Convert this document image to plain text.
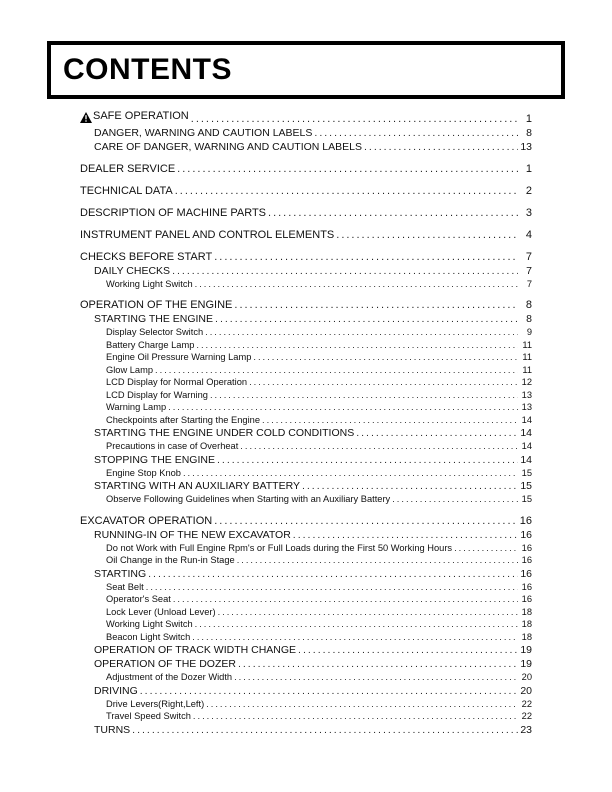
CONTENTS
SAFE OPERATION .....	1
DANGER, WARNING AND CAUTION LABELS .....	8
CARE OF DANGER, WARNING AND CAUTION LABELS .....	13
DEALER SERVICE .....	1
TECHNICAL DATA .....	2
DESCRIPTION OF MACHINE PARTS .....	3
INSTRUMENT PANEL AND CONTROL ELEMENTS .....	4
CHECKS BEFORE START .....	7
DAILY CHECKS .....	7
Working Light Switch .....	7
OPERATION OF THE ENGINE .....	8
STARTING THE ENGINE .....	8
Display Selector Switch .....	9
Battery Charge Lamp .....	11
Engine Oil Pressure Warning Lamp .....	11
Glow Lamp .....	11
LCD Display for Normal Operation .....	12
LCD Display for Warning .....	13
Warning Lamp .....	13
Checkpoints after Starting the Engine .....	14
STARTING THE ENGINE UNDER COLD CONDITIONS .....	14
Precautions in case of Overheat .....	14
STOPPING THE ENGINE .....	14
Engine Stop Knob .....	15
STARTING WITH AN AUXILIARY BATTERY .....	15
Observe Following Guidelines when Starting with an Auxiliary Battery .....	15
EXCAVATOR OPERATION .....	16
RUNNING-IN OF THE NEW EXCAVATOR .....	16
Do not Work with Full Engine Rpm's or Full Loads during the First 50 Working Hours .....	16
Oil Change in the Run-in Stage .....	16
STARTING .....	16
Seat Belt .....	16
Operator's Seat .....	16
Lock Lever (Unload Lever) .....	18
Working Light Switch .....	18
Beacon Light Switch .....	18
OPERATION OF TRACK WIDTH CHANGE .....	19
OPERATION OF THE DOZER .....	19
Adjustment of the Dozer Width .....	20
DRIVING .....	20
Drive Levers(Right,Left) .....	22
Travel Speed Switch .....	22
TURNS .....	23
